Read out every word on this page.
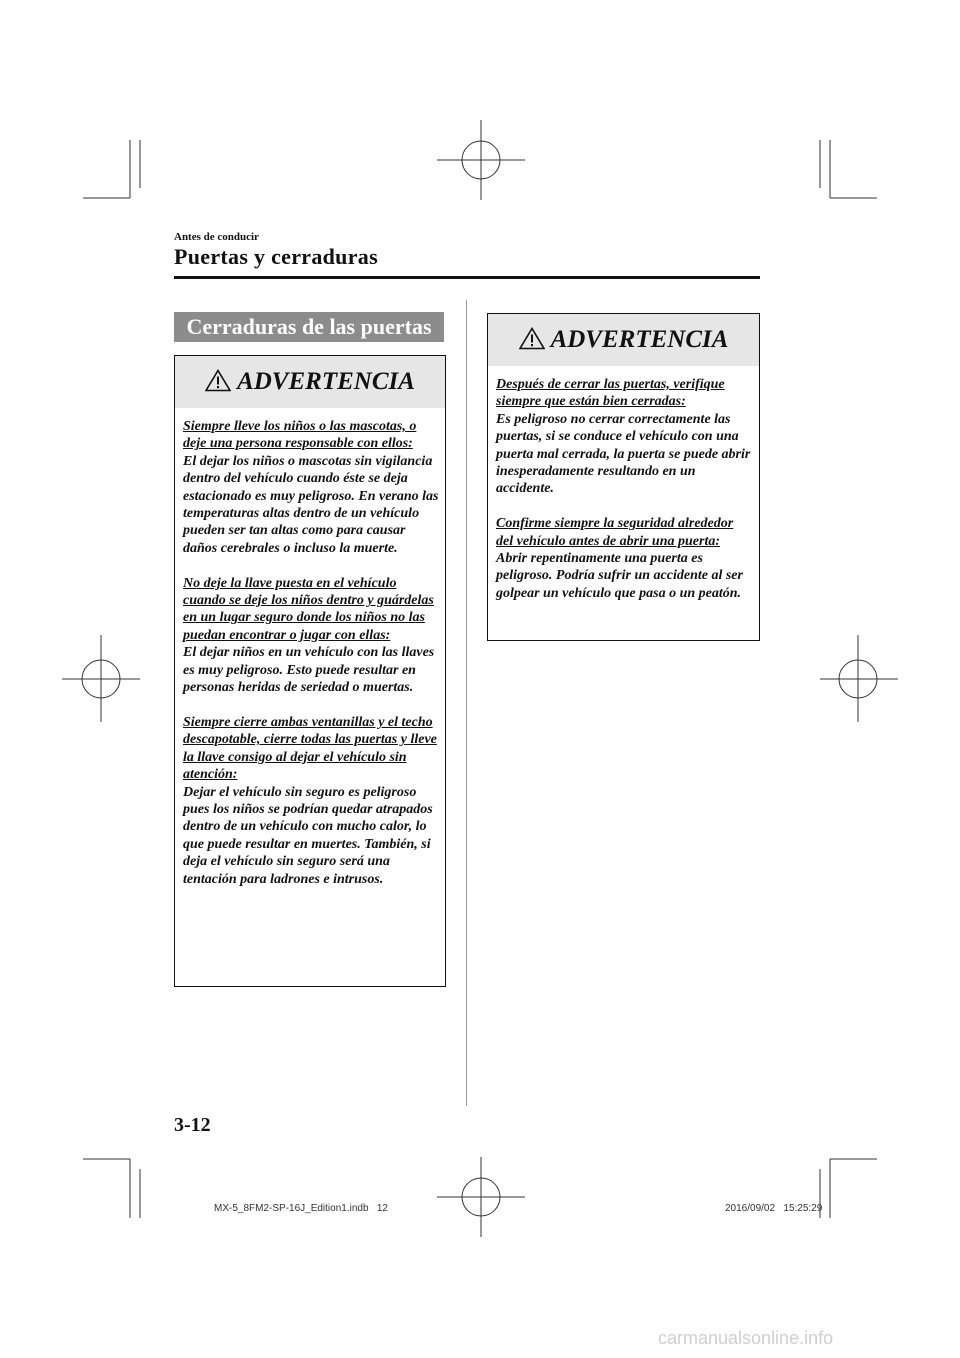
Antes de conducir
Puertas y cerraduras
Cerraduras de las puertas
ADVERTENCIA

Siempre lleve los niños o las mascotas, o deje una persona responsable con ellos:
El dejar los niños o mascotas sin vigilancia dentro del vehículo cuando éste se deja estacionado es muy peligroso. En verano las temperaturas altas dentro de un vehículo pueden ser tan altas como para causar daños cerebrales o incluso la muerte.

No deje la llave puesta en el vehículo cuando se deje los niños dentro y guárdelas en un lugar seguro donde los niños no las puedan encontrar o jugar con ellas:
El dejar niños en un vehículo con las llaves es muy peligroso. Esto puede resultar en personas heridas de seriedad o muertas.

Siempre cierre ambas ventanillas y el techo descapotable, cierre todas las puertas y lleve la llave consigo al dejar el vehículo sin atención:
Dejar el vehículo sin seguro es peligroso pues los niños se podrían quedar atrapados dentro de un vehículo con mucho calor, lo que puede resultar en muertes. También, si deja el vehículo sin seguro será una tentación para ladrones e intrusos.

ADVERTENCIA

Después de cerrar las puertas, verifique siempre que están bien cerradas:
Es peligroso no cerrar correctamente las puertas, si se conduce el vehículo con una puerta mal cerrada, la puerta se puede abrir inesperadamente resultando en un accidente.

Confirme siempre la seguridad alrededor del vehículo antes de abrir una puerta:
Abrir repentinamente una puerta es peligroso. Podría sufrir un accidente al ser golpear un vehículo que pasa o un peatón.

3-12
MX-5_8FM2-SP-16J_Edition1.indb   12	2016/09/02   15:25:29
carmanualsonline.info
